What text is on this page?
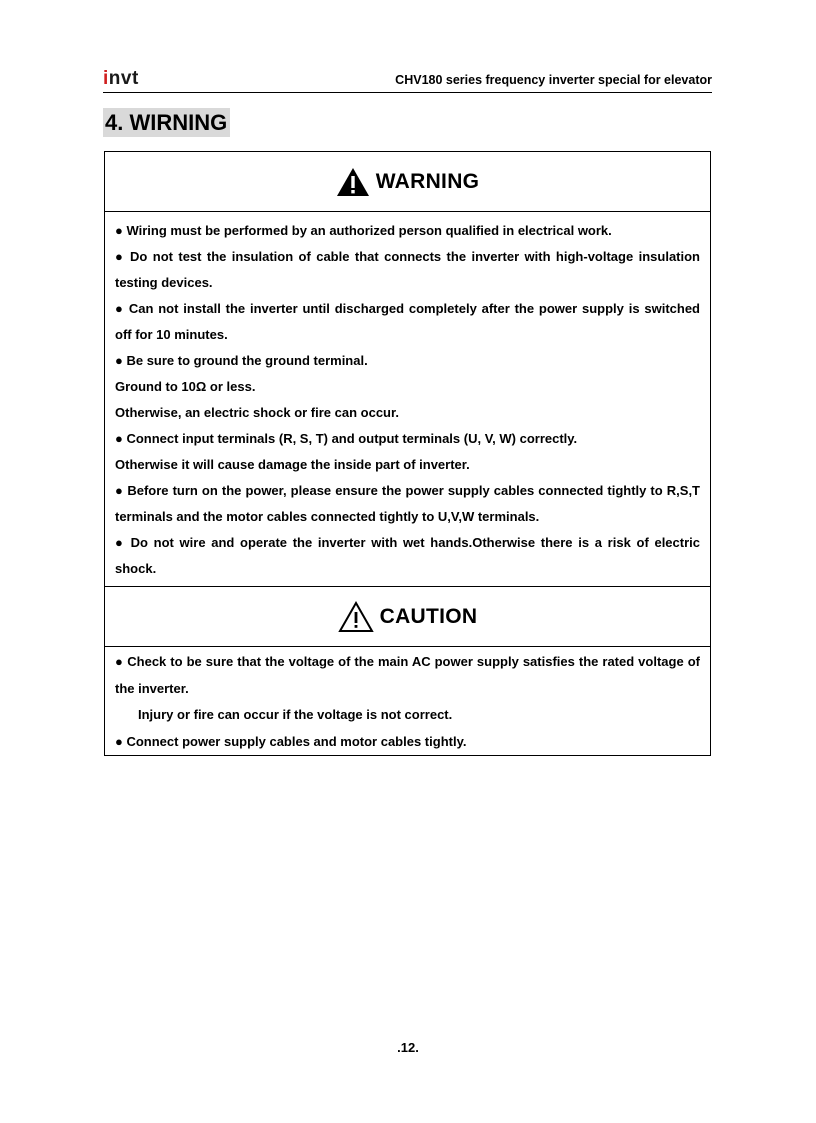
invt	CHV180 series frequency inverter special for elevator
4. WIRNING
WARNING

● Wiring must be performed by an authorized person qualified in electrical work.

● Do not test the insulation of cable that connects the inverter with high-voltage insulation testing devices.

● Can not install the inverter until discharged completely after the power supply is switched off for 10 minutes.

● Be sure to ground the ground terminal.

Ground to 10Ω or less.

Otherwise, an electric shock or fire can occur.

● Connect input terminals (R, S, T) and output terminals (U, V, W) correctly.

Otherwise it will cause damage the inside part of inverter.

● Before turn on the power, please ensure the power supply cables connected tightly to R,S,T terminals and the motor cables connected tightly to U,V,W terminals.

● Do not wire and operate the inverter with wet hands.Otherwise there is a risk of electric shock.

CAUTION

● Check to be sure that the voltage of the main AC power supply satisfies the rated voltage of the inverter.

Injury or fire can occur if the voltage is not correct.

● Connect power supply cables and motor cables tightly.

.12.
